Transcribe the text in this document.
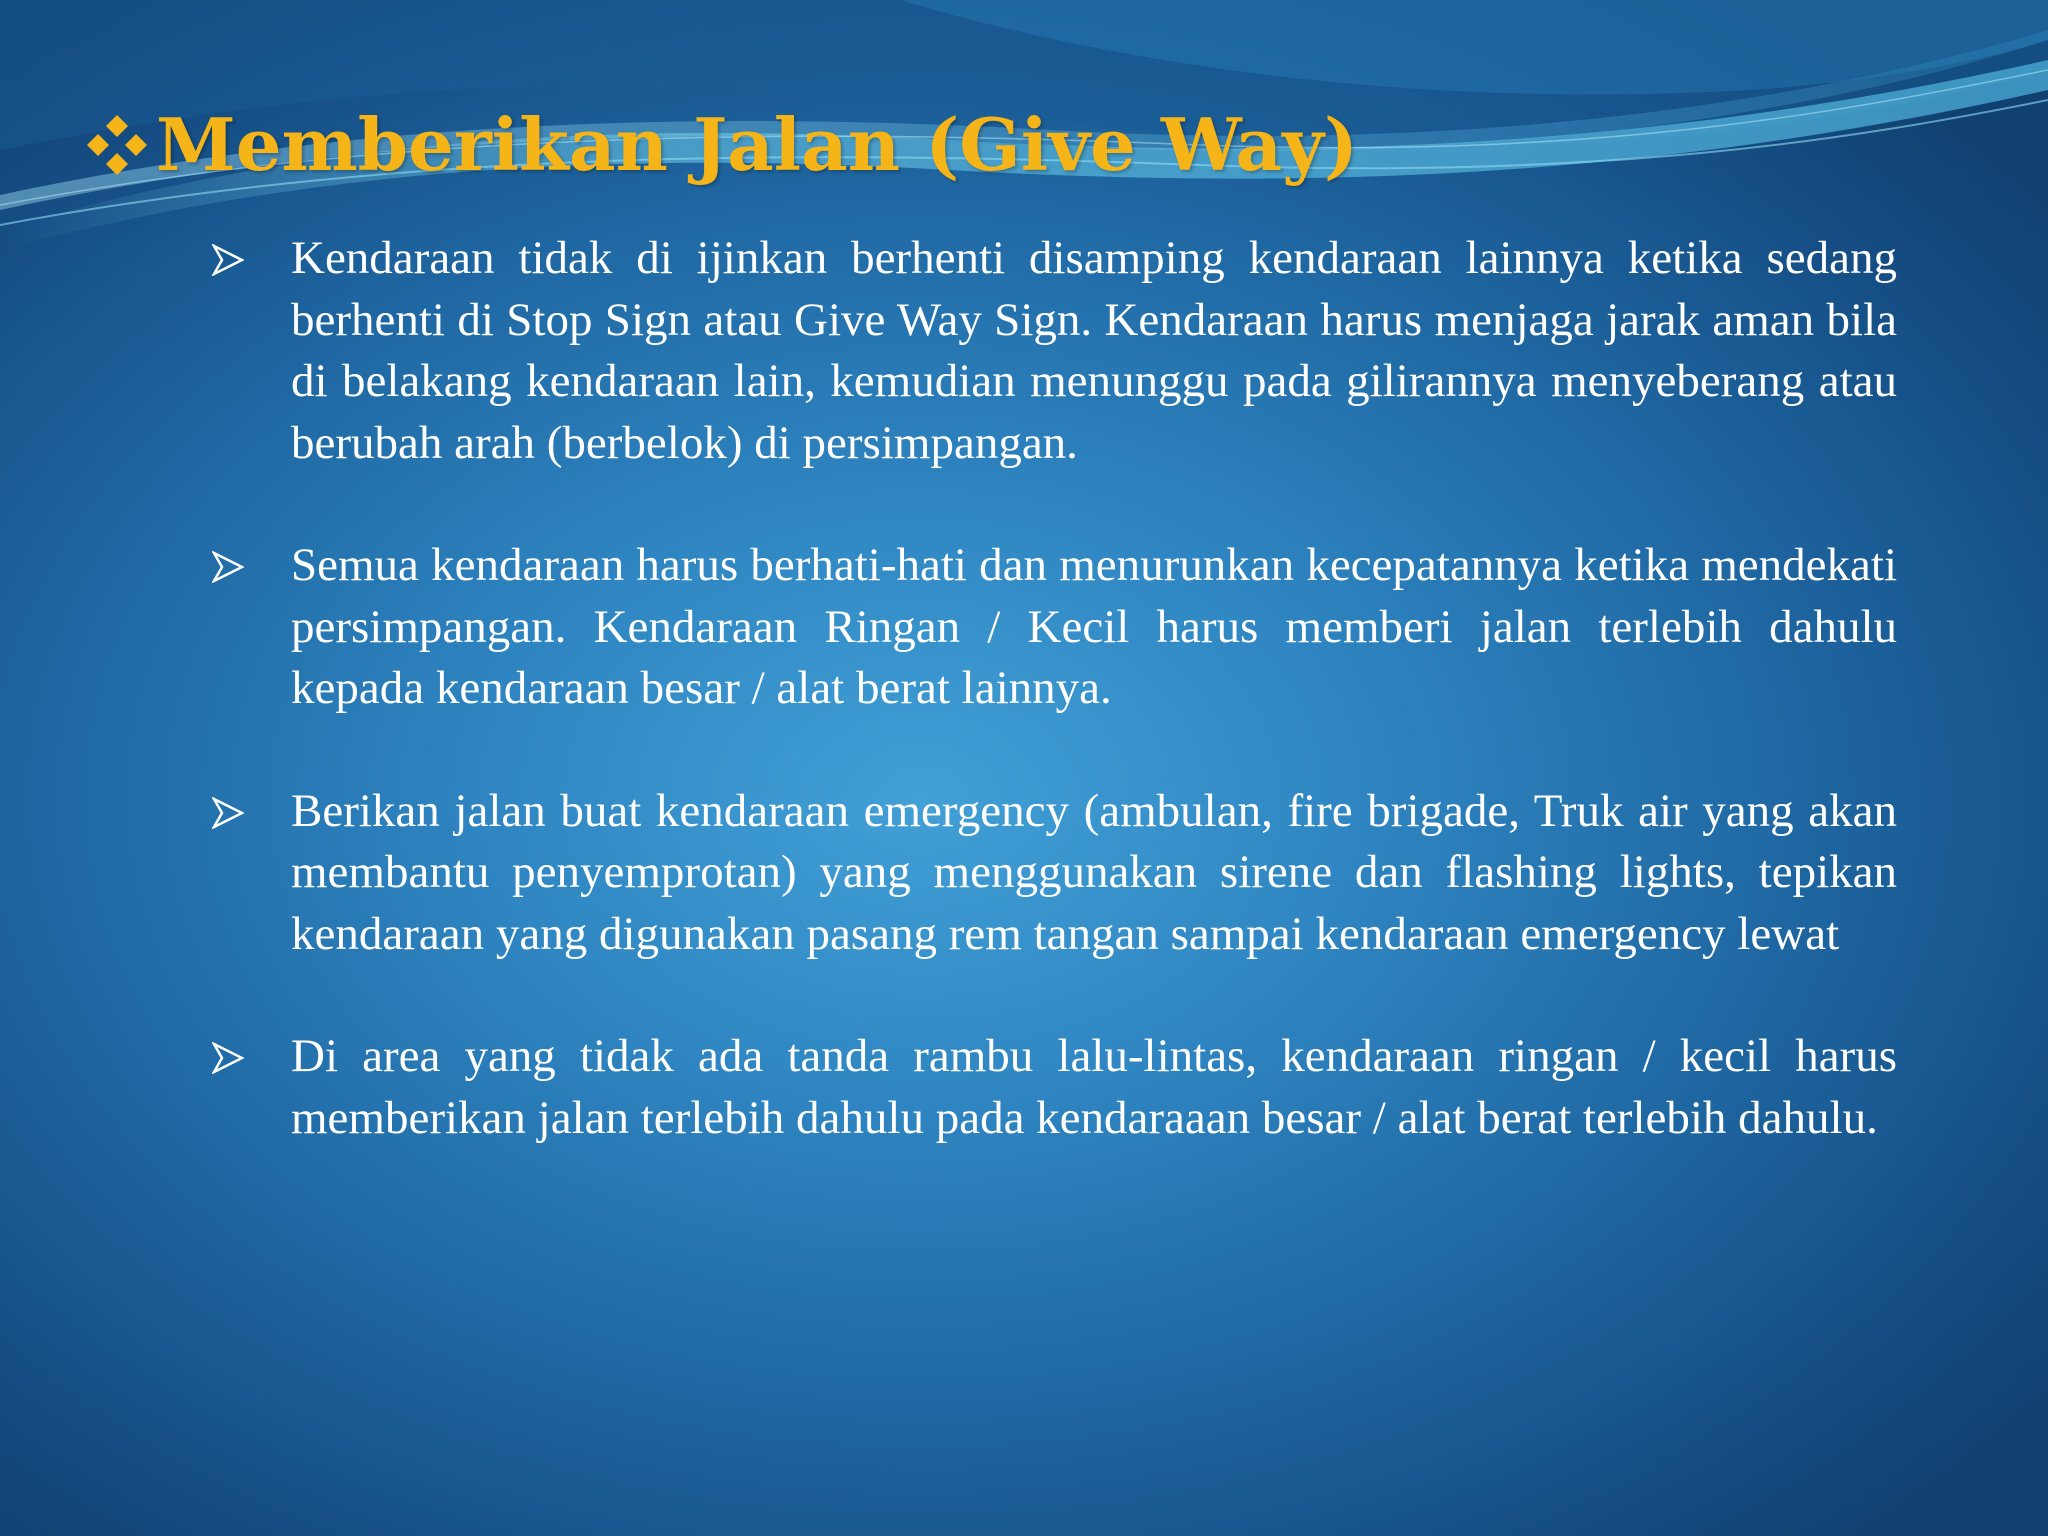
Memberikan Jalan (Give Way)
Kendaraan tidak di ijinkan berhenti disamping kendaraan lainnya ketika sedang berhenti di Stop Sign atau Give Way Sign. Kendaraan harus menjaga jarak aman bila di belakang kendaraan lain, kemudian menunggu pada gilirannya menyeberang atau berubah arah (berbelok) di persimpangan.
Semua kendaraan harus berhati-hati dan menurunkan kecepatannya ketika mendekati persimpangan. Kendaraan Ringan / Kecil harus memberi jalan terlebih dahulu kepada kendaraan besar / alat berat lainnya.
Berikan jalan buat kendaraan emergency (ambulan, fire brigade, Truk air yang akan membantu penyemprotan) yang menggunakan sirene dan flashing lights, tepikan kendaraan yang digunakan pasang rem tangan sampai kendaraan emergency lewat
Di area yang tidak ada tanda rambu lalu-lintas, kendaraan ringan / kecil harus memberikan jalan terlebih dahulu pada kendaraaan besar / alat berat terlebih dahulu.
